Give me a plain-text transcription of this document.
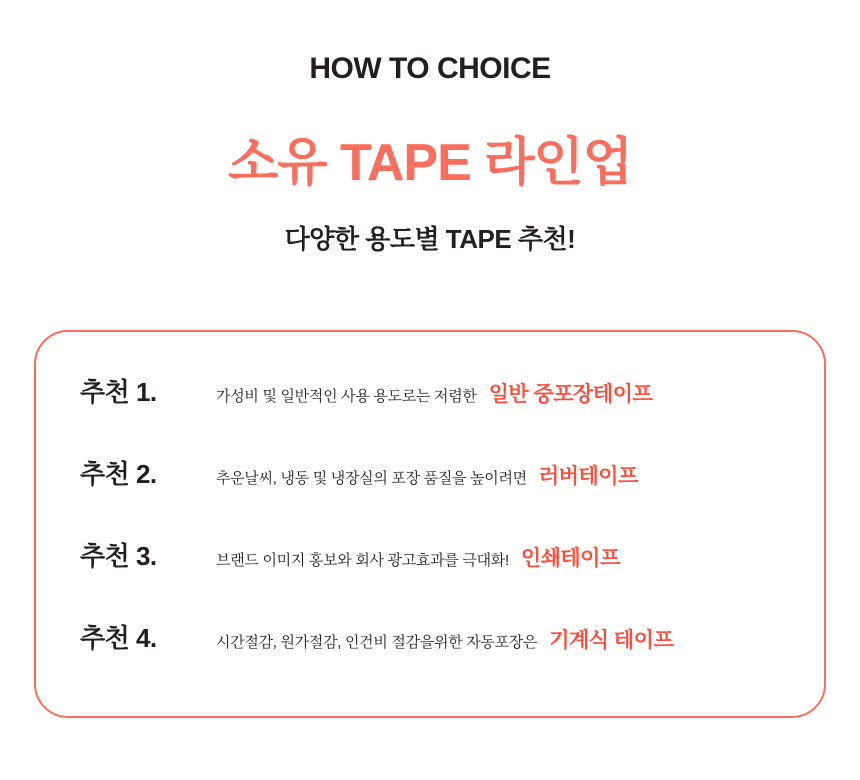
HOW TO CHOICE
소유 TAPE 라인업
다양한 용도별 TAPE 추천!
추천 1.	가성비 및 일반적인 사용 용도로는 저렴한 일반 중포장테이프
추천 2.	추운날씨, 냉동 및 냉장실의 포장 품질을 높이려면 러버테이프
추천 3.	브랜드 이미지 홍보와 회사 광고효과를 극대화! 인쇄테이프
추천 4.	시간절감, 원가절감, 인건비 절감을위한 자동포장은 기계식 테이프
